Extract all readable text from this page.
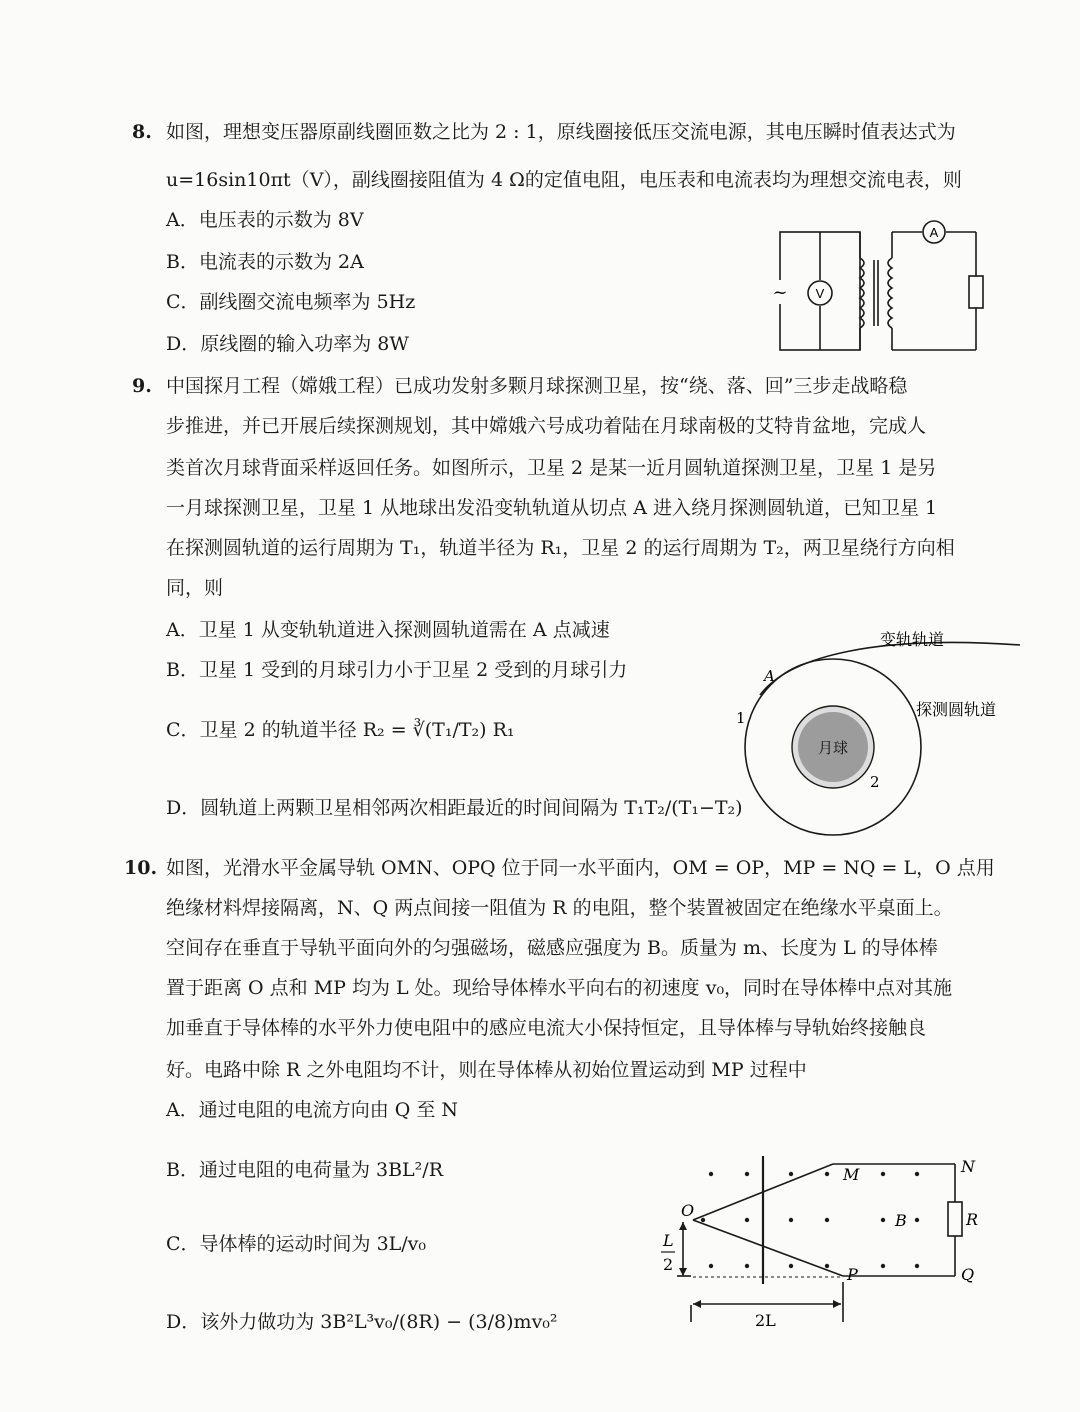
8. 如图，理想变压器原副线圈匝数之比为 2 : 1，原线圈接低压交流电源，其电压瞬时值表达式为
u=16sin10πt（V），副线圈接阻值为 4 Ω的定值电阻，电压表和电流表均为理想交流电表，则
A．电压表的示数为 8V
B．电流表的示数为 2A
C．副线圈交流电频率为 5Hz
D．原线圈的输入功率为 8W
V
A
~
9. 中国探月工程（嫦娥工程）已成功发射多颗月球探测卫星，按“绕、落、回”三步走战略稳
步推进，并已开展后续探测规划，其中嫦娥六号成功着陆在月球南极的艾特肯盆地，完成人
类首次月球背面采样返回任务。如图所示，卫星 2 是某一近月圆轨道探测卫星，卫星 1 是另
一月球探测卫星，卫星 1 从地球出发沿变轨轨道从切点 A 进入绕月探测圆轨道，已知卫星 1
在探测圆轨道的运行周期为 T₁，轨道半径为 R₁，卫星 2 的运行周期为 T₂，两卫星绕行方向相
同，则
A．卫星 1 从变轨轨道进入探测圆轨道需在 A 点减速
B．卫星 1 受到的月球引力小于卫星 2 受到的月球引力
C．卫星 2 的轨道半径 R₂ = ∛(T₁/T₂) R₁
D．圆轨道上两颗卫星相邻两次相距最近的时间间隔为 T₁T₂/(T₁−T₂)
月球
A
1
2
变轨轨道
探测圆轨道
10. 如图，光滑水平金属导轨 OMN、OPQ 位于同一水平面内，OM = OP，MP = NQ = L，O 点用
绝缘材料焊接隔离，N、Q 两点间接一阻值为 R 的电阻，整个装置被固定在绝缘水平桌面上。
空间存在垂直于导轨平面向外的匀强磁场，磁感应强度为 B。质量为 m、长度为 L 的导体棒
置于距离 O 点和 MP 均为 L 处。现给导体棒水平向右的初速度 v₀，同时在导体棒中点对其施
加垂直于导体棒的水平外力使电阻中的感应电流大小保持恒定，且导体棒与导轨始终接触良
好。电路中除 R 之外电阻均不计，则在导体棒从初始位置运动到 MP 过程中
A．通过电阻的电流方向由 Q 至 N
B．通过电阻的电荷量为 3BL²/R
C．导体棒的运动时间为 3L/v₀
D．该外力做功为 3B²L³v₀/(8R) − (3/8)mv₀²
O
M	N
P	Q
R
B
L
2
2L
